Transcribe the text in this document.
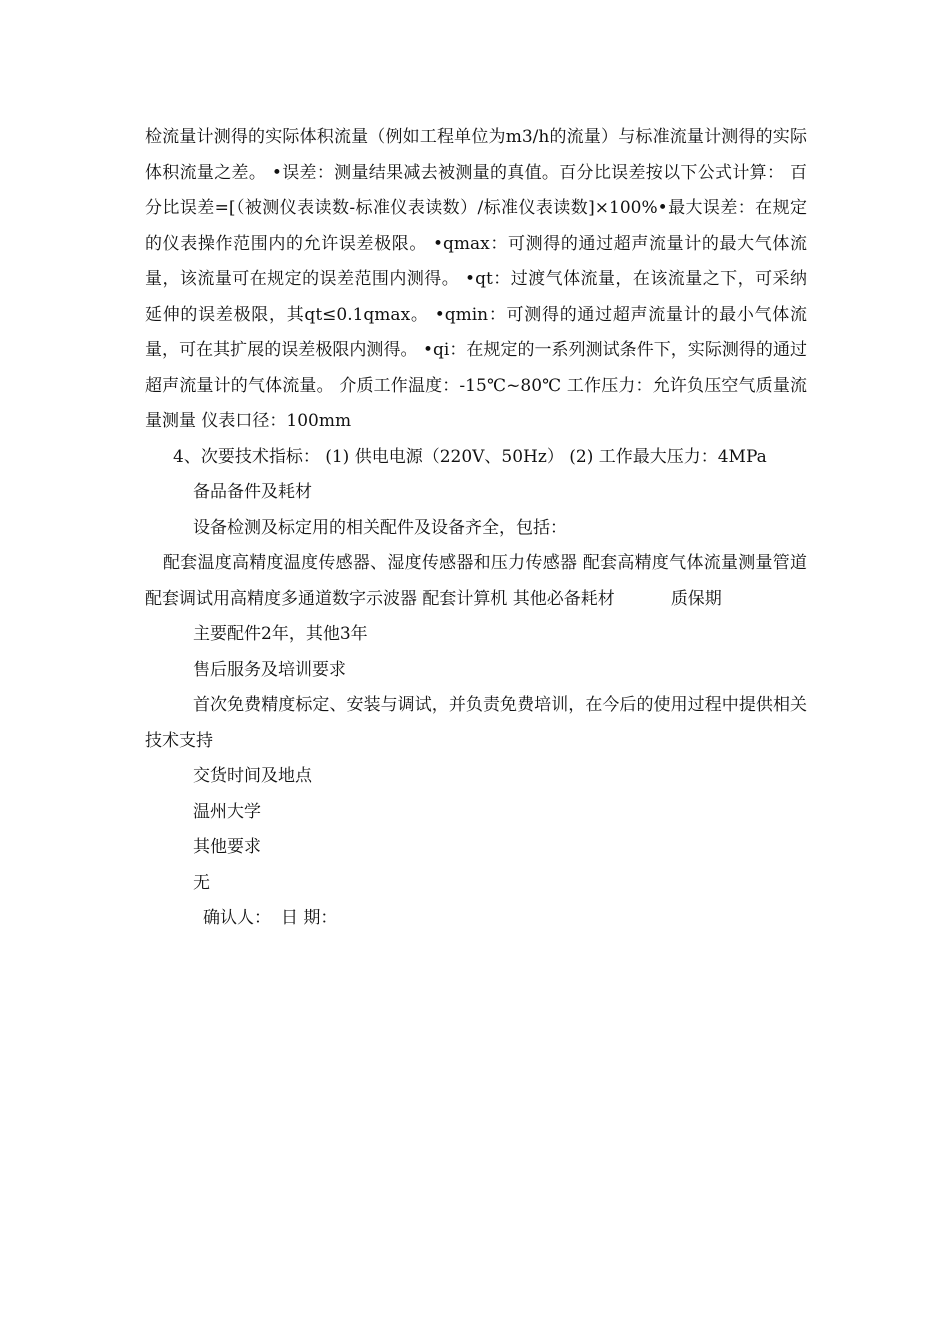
检流量计测得的实际体积流量（例如工程单位为m3/h的流量）与标准流量计测得的实际体积流量之差。 •误差：测量结果减去被测量的真值。百分比误差按以下公式计算： 百分比误差=[（被测仪表读数-标准仪表读数）/标准仪表读数]×100%•最大误差：在规定的仪表操作范围内的允许误差极限。 •qmax：可测得的通过超声流量计的最大气体流量，该流量可在规定的误差范围内测得。 •qt：过渡气体流量，在该流量之下，可采纳延伸的误差极限，其qt≤0.1qmax。 •qmin：可测得的通过超声流量计的最小气体流量，可在其扩展的误差极限内测得。 •qi：在规定的一系列测试条件下，实际测得的通过超声流量计的气体流量。 介质工作温度：-15℃~80℃ 工作压力：允许负压空气质量流量测量 仪表口径：100mm

4、次要技术指标： (1) 供电电源（220V、50Hz） (2) 工作最大压力：4MPa

备品备件及耗材

设备检测及标定用的相关配件及设备齐全，包括：

配套温度高精度温度传感器、湿度传感器和压力传感器 配套高精度气体流量测量管道 配套调试用高精度多通道数字示波器 配套计算机 其他必备耗材	质保期

主要配件2年，其他3年

售后服务及培训要求

首次免费精度标定、安装与调试，并负责免费培训，在今后的使用过程中提供相关技术支持

交货时间及地点

温州大学

其他要求

无

确认人： 日 期：
